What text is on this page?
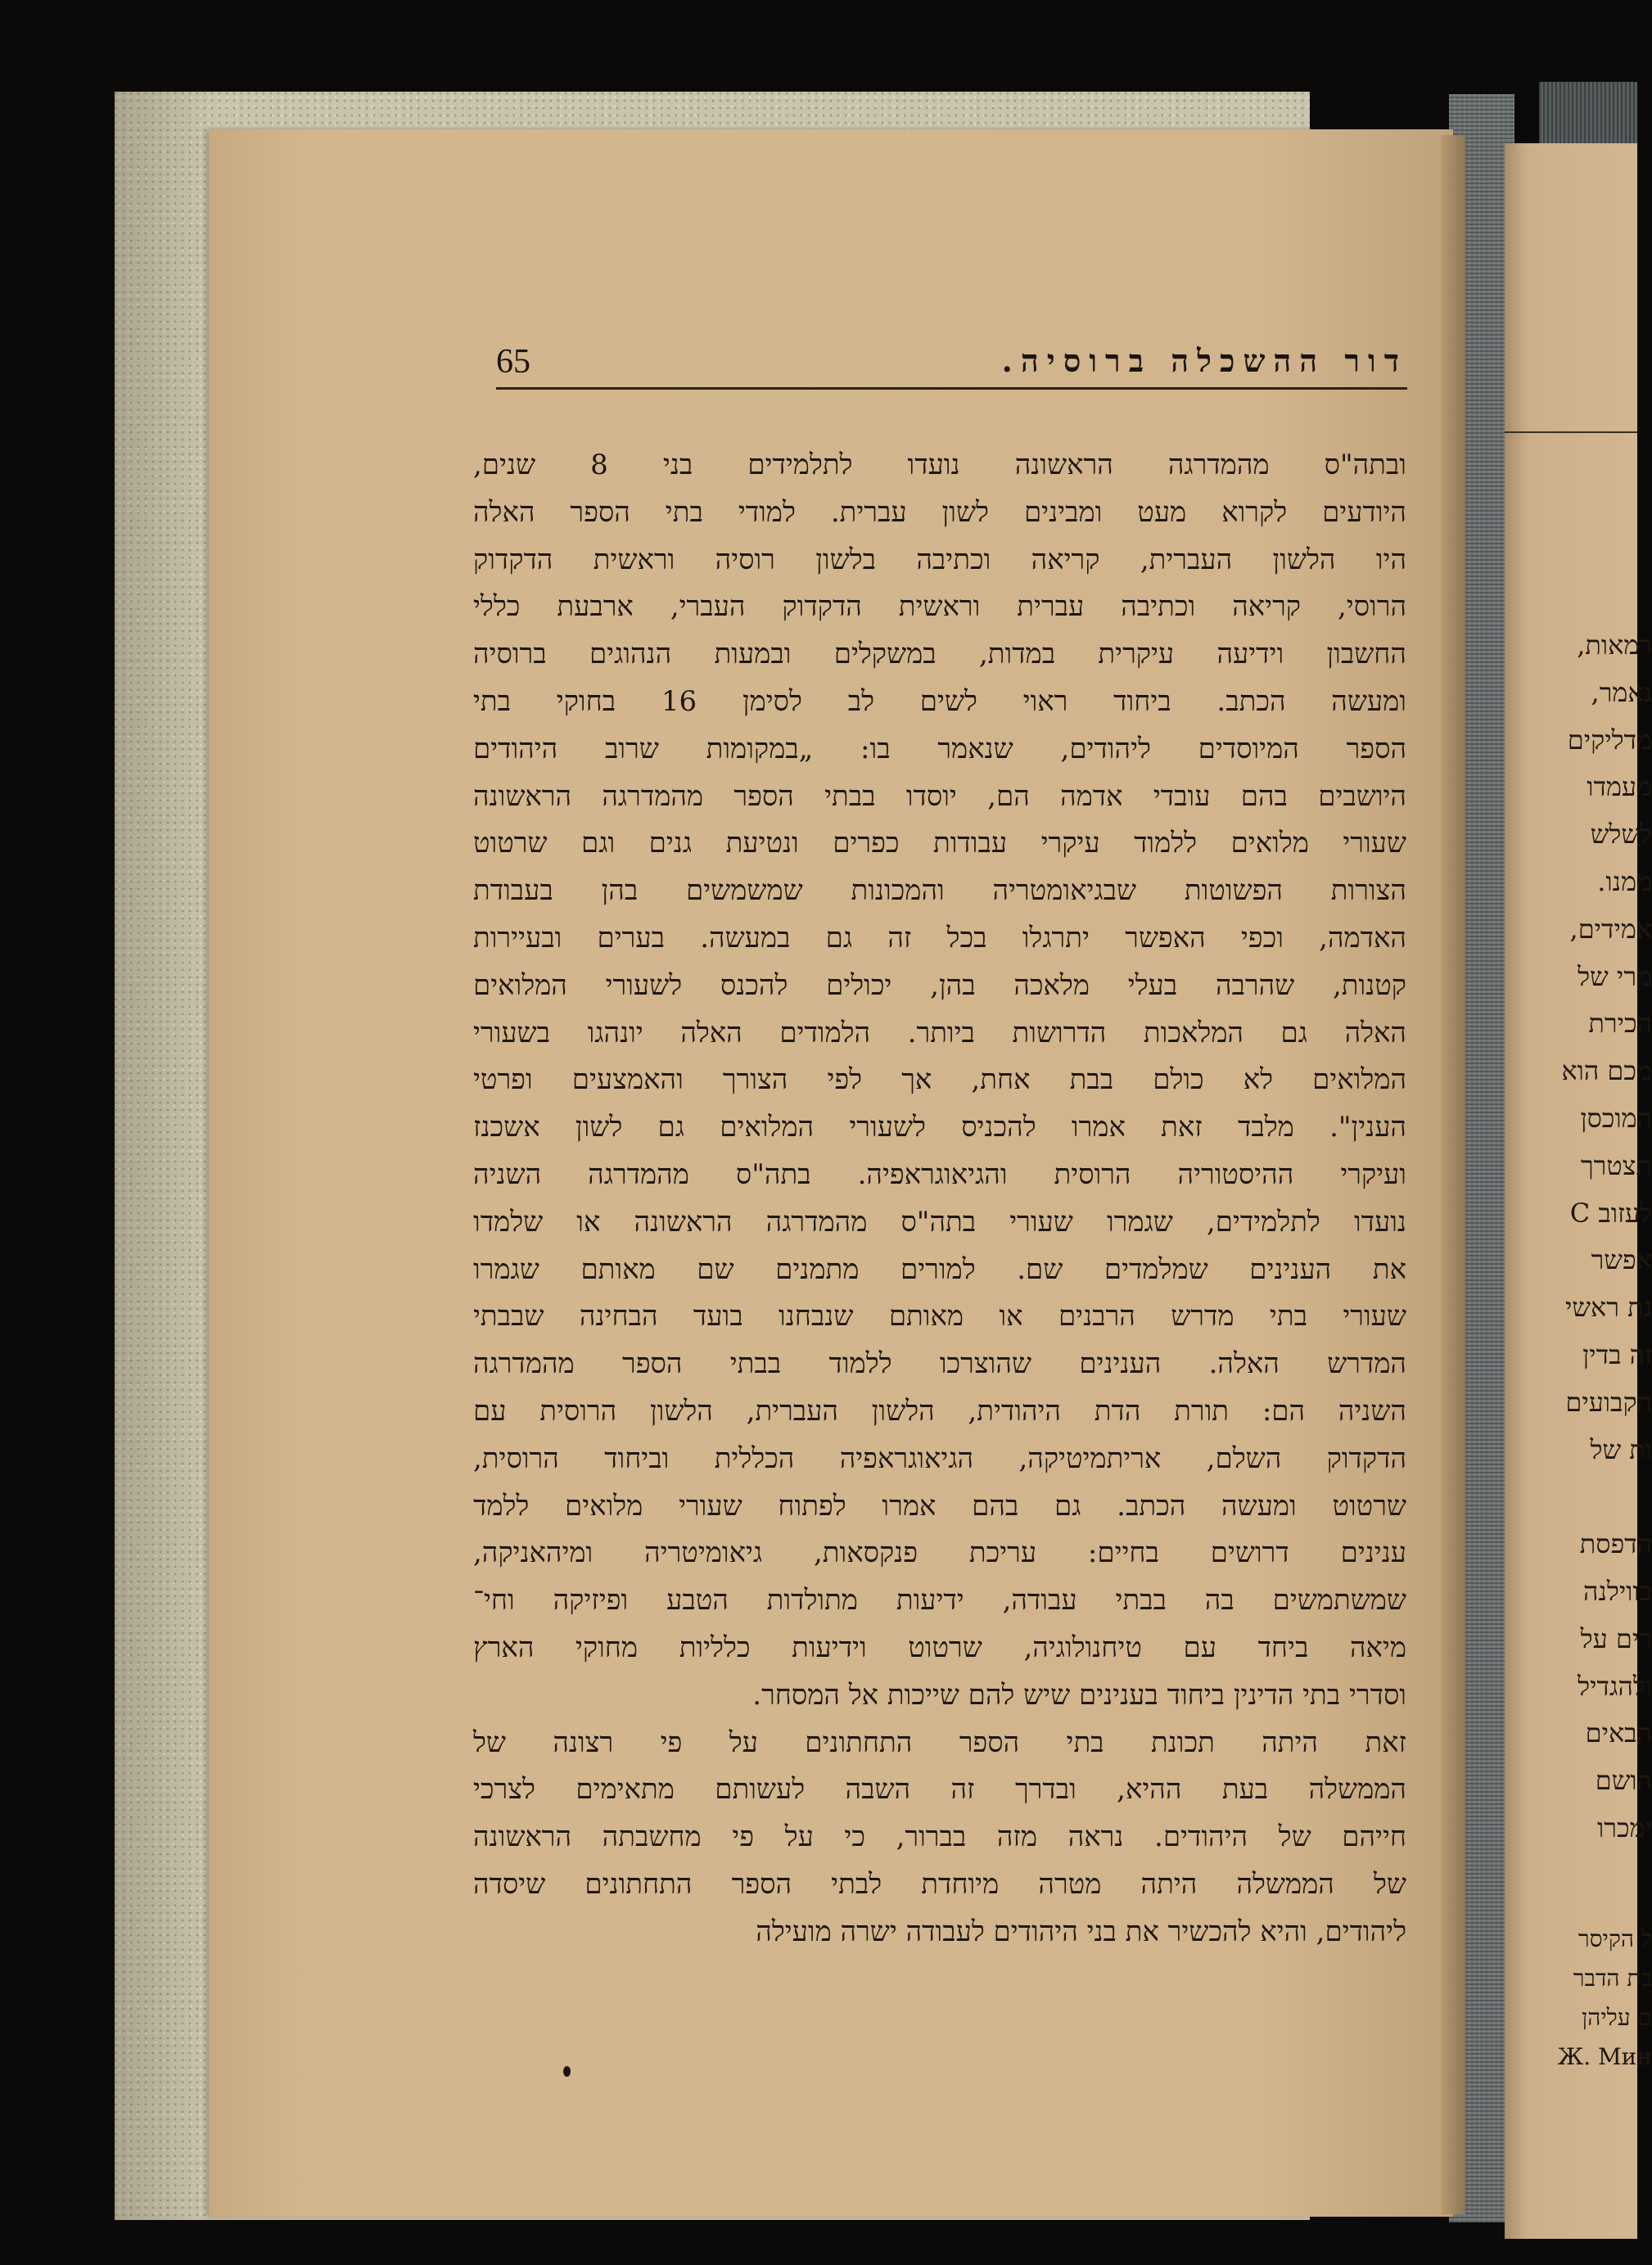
רמאות,
נאמר,
מדליקים
מעמדו
לשלש
ממנו.
אמידים,
מרי של
הכירת
מכם הוא
המוכסן
תצטרך
לעזוב C
אפשר
נת ראשי
זה בדין
הקבועים
ות של
הדפסת
בווילנה
רים על
ולהגדיל
הבאים
הושם
ימכרו
ל הקיסר
בת הדבר
ם עליהן
Ж. Мин
דור ההשכלה ברוסיה.
65
ובתה"ס מהמדרגה הראשונה נועדו לתלמידים בני 8 שנים,
היודעים לקרוא מעט ומבינים לשון עברית. למודי בתי הספר האלה
היו הלשון העברית, קריאה וכתיבה בלשון רוסיה וראשית הדקדוק
הרוסי, קריאה וכתיבה עברית וראשית הדקדוק העברי, ארבעת כללי
החשבון וידיעה עיקרית במדות, במשקלים ובמעות הנהוגים ברוסיה
ומעשה הכתב. ביחוד ראוי לשים לב לסימן 16 בחוקי בתי
הספר המיוסדים ליהודים, שנאמר בו: „במקומות שרוב היהודים
היושבים בהם עובדי אדמה הם, יוסדו בבתי הספר מהמדרגה הראשונה
שעורי מלואים ללמוד עיקרי עבודות כפרים ונטיעת גנים וגם שרטוט
הצורות הפשוטות שבגיאומטריה והמכונות שמשמשים בהן בעבודת
האדמה, וכפי האפשר יתרגלו בכל זה גם במעשה. בערים ובעיירות
קטנות, שהרבה בעלי מלאכה בהן, יכולים להכנס לשעורי המלואים
האלה גם המלאכות הדרושות ביותר. הלמודים האלה יונהגו בשעורי
המלואים לא כולם בבת אחת, אך לפי הצורך והאמצעים ופרטי
הענין". מלבד זאת אמרו להכניס לשעורי המלואים גם לשון אשכנז
ועיקרי ההיסטוריה הרוסית והגיאוגראפיה. בתה"ס מהמדרגה השניה
נועדו לתלמידים, שגמרו שעורי בתה"ס מהמדרגה הראשונה או שלמדו
את הענינים שמלמדים שם. למורים מתמנים שם מאותם שגמרו
שעורי בתי מדרש הרבנים או מאותם שנבחנו בועד הבחינה שבבתי
המדרש האלה. הענינים שהוצרכו ללמוד בבתי הספר מהמדרגה
השניה הם: תורת הדת היהודית, הלשון העברית, הלשון הרוסית עם
הדקדוק השלם, אריתמיטיקה, הגיאוגראפיה הכללית וביחוד הרוסית,
שרטוט ומעשה הכתב. גם בהם אמרו לפתוח שעורי מלואים ללמד
ענינים דרושים בחיים: עריכת פנקסאות, גיאומיטריה ומיהאניקה,
שמשתמשים בה בבתי עבודה, ידיעות מתולדות הטבע ופיזיקה וחי־
מיאה ביחד עם טיחנולוגיה, שרטוט וידיעות כלליות מחוקי הארץ
וסדרי בתי הדינין ביחוד בענינים שיש להם שייכות אל המסחר.
זאת היתה תכונת בתי הספר התחתונים על פי רצונה של
הממשלה בעת ההיא, ובדרך זה השבה לעשותם מתאימים לצרכי
חייהם של היהודים. נראה מזה בברור, כי על פי מחשבתה הראשונה
של הממשלה היתה מטרה מיוחדת לבתי הספר התחתונים שיסדה
ליהודים, והיא להכשיר את בני היהודים לעבודה ישרה מועילה
